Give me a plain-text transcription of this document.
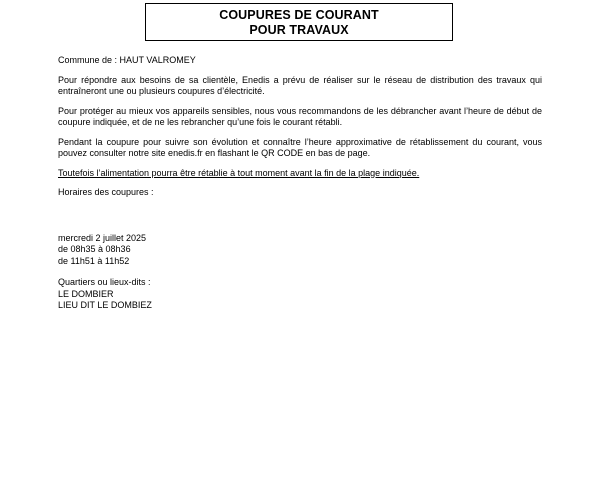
COUPURES DE COURANT
POUR TRAVAUX

Commune de : HAUT VALROMEY

Pour répondre aux besoins de sa clientèle, Enedis a prévu de réaliser sur le réseau de distribution des travaux qui entraîneront une ou plusieurs coupures d’électricité.

Pour protéger au mieux vos appareils sensibles, nous vous recommandons de les débrancher avant l’heure de début de coupure indiquée, et de ne les rebrancher qu’une fois le courant rétabli.

Pendant la coupure pour suivre son évolution et connaître l’heure approximative de rétablissement du courant, vous pouvez consulter notre site enedis.fr en flashant le QR CODE en bas de page.

Toutefois l’alimentation pourra être rétablie à tout moment avant la fin de la plage indiquée.

Horaires des coupures :

mercredi 2 juillet 2025
de 08h35 à 08h36
de 11h51 à 11h52
Quartiers ou lieux-dits :
LE DOMBIER
LIEU DIT LE DOMBIEZ
